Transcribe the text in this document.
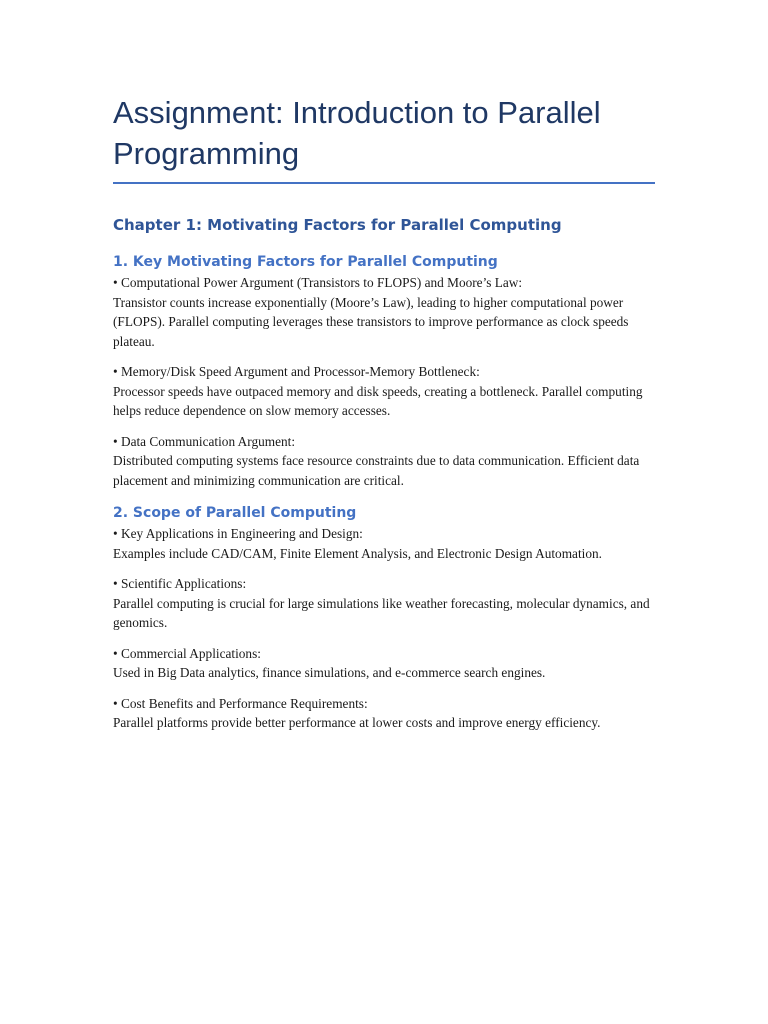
Assignment: Introduction to Parallel Programming
Chapter 1: Motivating Factors for Parallel Computing
1. Key Motivating Factors for Parallel Computing

• Computational Power Argument (Transistors to FLOPS) and Moore’s Law:

Transistor counts increase exponentially (Moore’s Law), leading to higher computational power (FLOPS). Parallel computing leverages these transistors to improve performance as clock speeds plateau.

• Memory/Disk Speed Argument and Processor-Memory Bottleneck:

Processor speeds have outpaced memory and disk speeds, creating a bottleneck. Parallel computing helps reduce dependence on slow memory accesses.

• Data Communication Argument:

Distributed computing systems face resource constraints due to data communication. Efficient data placement and minimizing communication are critical.

2. Scope of Parallel Computing

• Key Applications in Engineering and Design:

Examples include CAD/CAM, Finite Element Analysis, and Electronic Design Automation.

• Scientific Applications:

Parallel computing is crucial for large simulations like weather forecasting, molecular dynamics, and genomics.

• Commercial Applications:

Used in Big Data analytics, finance simulations, and e-commerce search engines.

• Cost Benefits and Performance Requirements:

Parallel platforms provide better performance at lower costs and improve energy efficiency.
